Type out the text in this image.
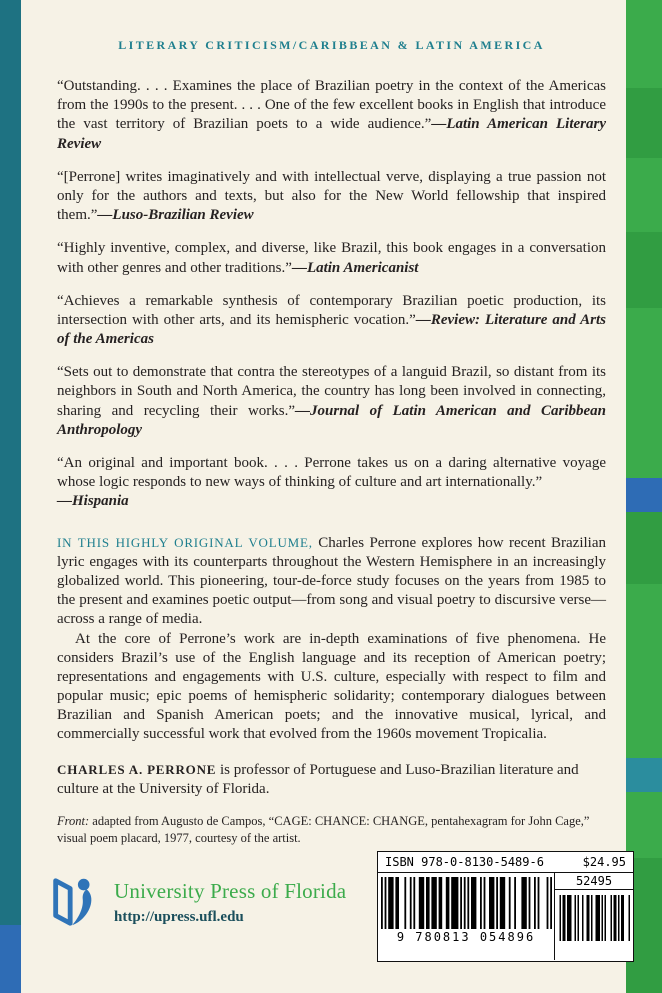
LITERARY CRITICISM/CARIBBEAN & LATIN AMERICA

“Outstanding. . . . Examines the place of Brazilian poetry in the context of the Americas from the 1990s to the present. . . . One of the few excellent books in English that introduce the vast territory of Brazilian poets to a wide audience.”—Latin American Literary Review

“[Perrone] writes imaginatively and with intellectual verve, displaying a true passion not only for the authors and texts, but also for the New World fellowship that inspired them.”—Luso-Brazilian Review

“Highly inventive, complex, and diverse, like Brazil, this book engages in a conversation with other genres and other traditions.”—Latin Americanist

“Achieves a remarkable synthesis of contemporary Brazilian poetic production, its intersection with other arts, and its hemispheric vocation.”—Review: Literature and Arts of the Americas

“Sets out to demonstrate that contra the stereotypes of a languid Brazil, so distant from its neighbors in South and North America, the country has long been involved in connecting, sharing and recycling their works.”—Journal of Latin American and Caribbean Anthropology

“An original and important book. . . . Perrone takes us on a daring alternative voyage whose logic responds to new ways of thinking of culture and art internationally.”
—Hispania

IN THIS HIGHLY ORIGINAL VOLUME, Charles Perrone explores how recent Brazilian lyric engages with its counterparts throughout the Western Hemisphere in an increasingly globalized world. This pioneering, tour-de-force study focuses on the years from 1985 to the present and examines poetic output—from song and visual poetry to discursive verse—across a range of media.

At the core of Perrone’s work are in-depth examinations of five phenomena. He considers Brazil’s use of the English language and its reception of American poetry; representations and engagements with U.S. culture, especially with respect to film and popular music; epic poems of hemispheric solidarity; contemporary dialogues between Brazilian and Spanish American poets; and the innovative musical, lyrical, and commercially successful work that evolved from the 1960s movement Tropicalia.

CHARLES A. PERRONE is professor of Portuguese and Luso-Brazilian literature and culture at the University of Florida.

Front: adapted from Augusto de Campos, “CAGE: CHANCE: CHANGE, pentahexagram for John Cage,” visual poem placard, 1977, courtesy of the artist.

University Press of Florida
http://upress.ufl.edu
ISBN 978-0-8130-5489-6	$24.95
9 780813 054896
52495
